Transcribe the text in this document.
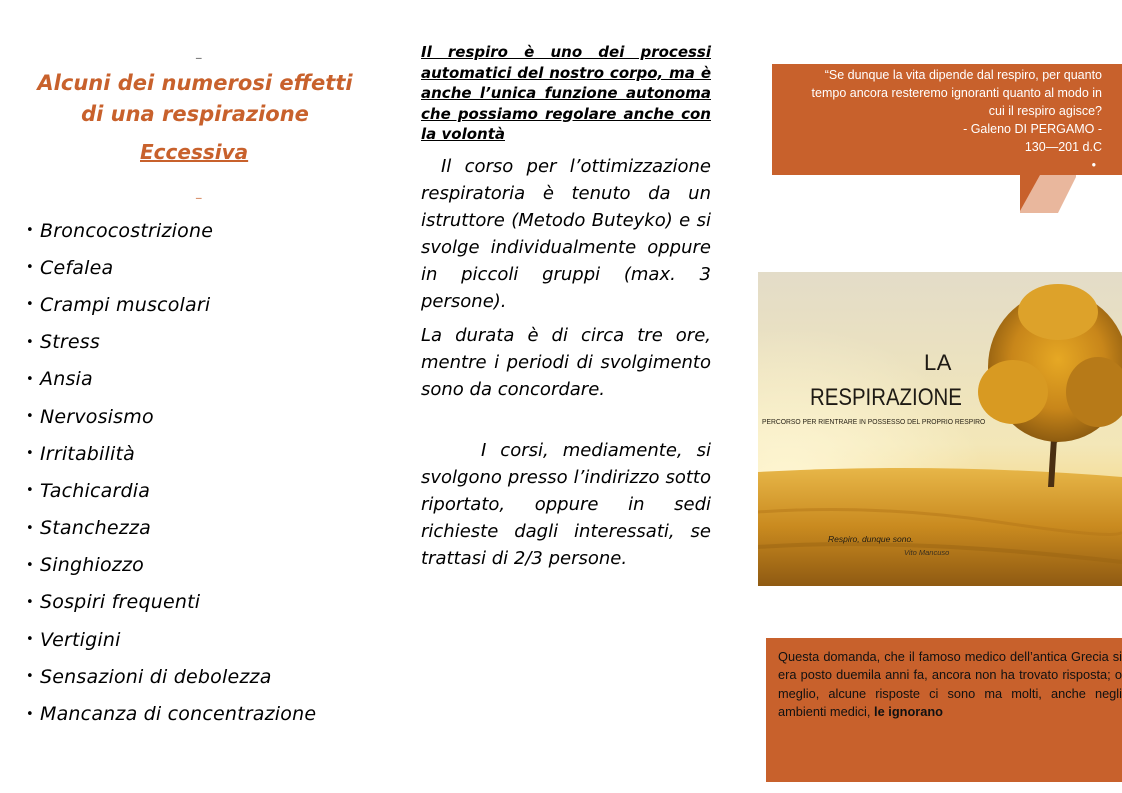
_
Alcuni dei numerosi effetti
di una respirazione
Eccessiva
_
• Broncocostrizione
• Cefalea
• Crampi muscolari
• Stress
• Ansia
• Nervosismo
• Irritabilità
• Tachicardia
• Stanchezza
• Singhiozzo
• Sospiri frequenti
• Vertigini
• Sensazioni di debolezza
• Mancanza di concentrazione
Il respiro è uno dei processi automatici del nostro corpo, ma è anche l’unica funzione autonoma che possiamo regolare anche con la volontà

Il corso per l’ottimizzazione respiratoria è tenuto da un istruttore (Metodo Buteyko) e si svolge individualmente oppure in piccoli gruppi (max. 3 persone).

La durata è di circa tre ore, mentre i periodi di svolgimento sono da concordare.

I corsi, mediamente, si svolgono presso l’indirizzo sotto riportato, oppure in sedi richieste dagli interessati, se trattasi di 2/3 persone.

“Se dunque la vita dipende dal respiro, per quanto tempo ancora resteremo ignoranti quanto al modo in cui il respiro agisce?
- Galeno DI PERGAMO -
130—201 d.C
•
LA
RESPIRAZIONE
PERCORSO PER RIENTRARE IN POSSESSO DEL PROPRIO RESPIRO
Respiro, dunque sono.
Vito Mancuso
Questa domanda, che il famoso medico dell’antica Grecia si era posto duemila anni fa, ancora non ha trovato risposta; o meglio, alcune risposte ci sono ma molti, anche negli ambienti medici, le ignorano
